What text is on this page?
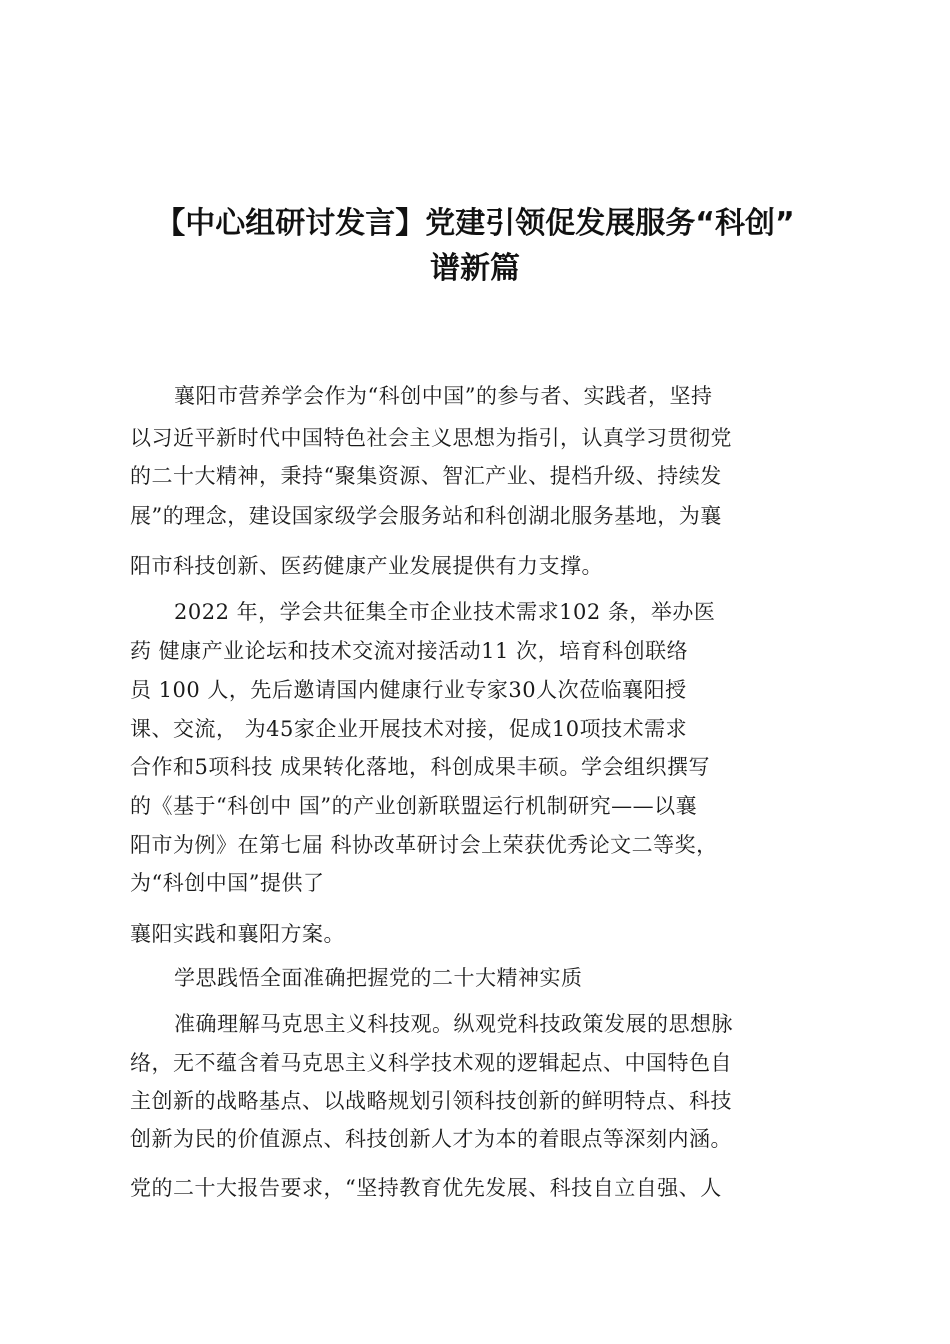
【中心组研讨发言】党建引领促发展服务“科创”
谱新篇
襄阳市营养学会作为“科创中国”的参与者、实践者，坚持
以习近平新时代中国特色社会主义思想为指引，认真学习贯彻党
的二十大精神，秉持“聚集资源、智汇产业、提档升级、持续发
展”的理念，建设国家级学会服务站和科创湖北服务基地，为襄
阳市科技创新、医药健康产业发展提供有力支撑。
2022 年，学会共征集全市企业技术需求102 条，举办医
药 健康产业论坛和技术交流对接活动11 次，培育科创联络
员 100 人，先后邀请国内健康行业专家30人次莅临襄阳授
课、交流， 为45家企业开展技术对接，促成10项技术需求
合作和5项科技 成果转化落地，科创成果丰硕。学会组织撰写
的《基于“科创中 国”的产业创新联盟运行机制研究——以襄
阳市为例》在第七届 科协改革研讨会上荣获优秀论文二等奖，
为“科创中国”提供了
襄阳实践和襄阳方案。
学思践悟全面准确把握党的二十大精神实质
准确理解马克思主义科技观。纵观党科技政策发展的思想脉
络，无不蕴含着马克思主义科学技术观的逻辑起点、中国特色自
主创新的战略基点、以战略规划引领科技创新的鲜明特点、科技
创新为民的价值源点、科技创新人才为本的着眼点等深刻内涵。
党的二十大报告要求，“坚持教育优先发展、科技自立自强、人
